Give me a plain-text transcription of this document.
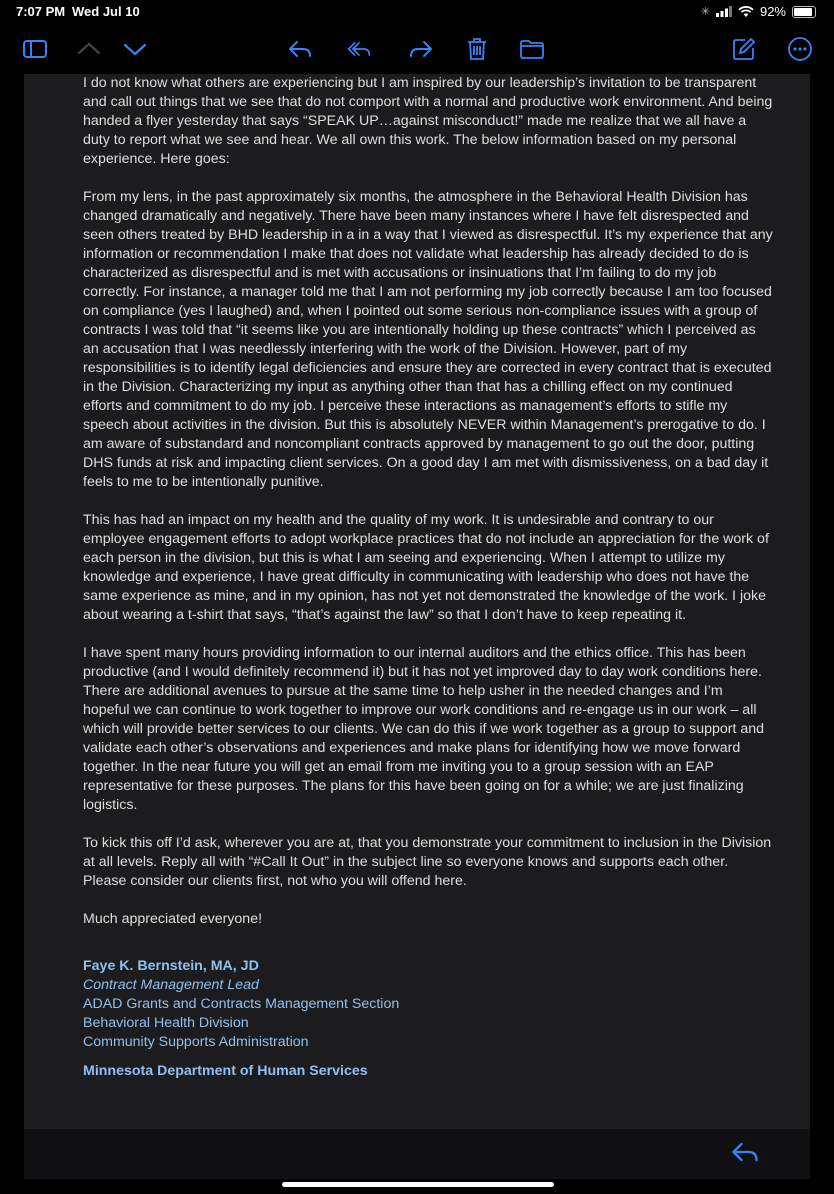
7:07 PM Wed Jul 10	✳	92%

I do not know what others are experiencing but I am inspired by our leadership’s invitation to be transparent and call out things that we see that do not comport with a normal and productive work environment. And being handed a flyer yesterday that says “SPEAK UP…against misconduct!” made me realize that we all have a duty to report what we see and hear. We all own this work. The below information based on my personal experience. Here goes:

From my lens, in the past approximately six months, the atmosphere in the Behavioral Health Division has changed dramatically and negatively. There have been many instances where I have felt disrespected and seen others treated by BHD leadership in a in a way that I viewed as disrespectful. It’s my experience that any information or recommendation I make that does not validate what leadership has already decided to do is characterized as disrespectful and is met with accusations or insinuations that I’m failing to do my job correctly. For instance, a manager told me that I am not performing my job correctly because I am too focused on compliance (yes I laughed) and, when I pointed out some serious non-compliance issues with a group of contracts I was told that “it seems like you are intentionally holding up these contracts” which I perceived as an accusation that I was needlessly interfering with the work of the Division. However, part of my responsibilities is to identify legal deficiencies and ensure they are corrected in every contract that is executed in the Division. Characterizing my input as anything other than that has a chilling effect on my continued efforts and commitment to do my job. I perceive these interactions as management’s efforts to stifle my speech about activities in the division. But this is absolutely NEVER within Management’s prerogative to do. I am aware of substandard and noncompliant contracts approved by management to go out the door, putting DHS funds at risk and impacting client services. On a good day I am met with dismissiveness, on a bad day it feels to me to be intentionally punitive.

This has had an impact on my health and the quality of my work. It is undesirable and contrary to our employee engagement efforts to adopt workplace practices that do not include an appreciation for the work of each person in the division, but this is what I am seeing and experiencing. When I attempt to utilize my knowledge and experience, I have great difficulty in communicating with leadership who does not have the same experience as mine, and in my opinion, has not yet not demonstrated the knowledge of the work. I joke about wearing a t-shirt that says, “that’s against the law” so that I don’t have to keep repeating it.

I have spent many hours providing information to our internal auditors and the ethics office. This has been productive (and I would definitely recommend it) but it has not yet improved day to day work conditions here. There are additional avenues to pursue at the same time to help usher in the needed changes and I’m hopeful we can continue to work together to improve our work conditions and re-engage us in our work – all which will provide better services to our clients. We can do this if we work together as a group to support and validate each other’s observations and experiences and make plans for identifying how we move forward together. In the near future you will get an email from me inviting you to a group session with an EAP representative for these purposes. The plans for this have been going on for a while; we are just finalizing logistics.

To kick this off I’d ask, wherever you are at, that you demonstrate your commitment to inclusion in the Division at all levels. Reply all with “#Call It Out” in the subject line so everyone knows and supports each other. Please consider our clients first, not who you will offend here.

Much appreciated everyone!

Faye K. Bernstein, MA, JD
Contract Management Lead
ADAD Grants and Contracts Management Section
Behavioral Health Division
Community Supports Administration
Minnesota Department of Human Services
